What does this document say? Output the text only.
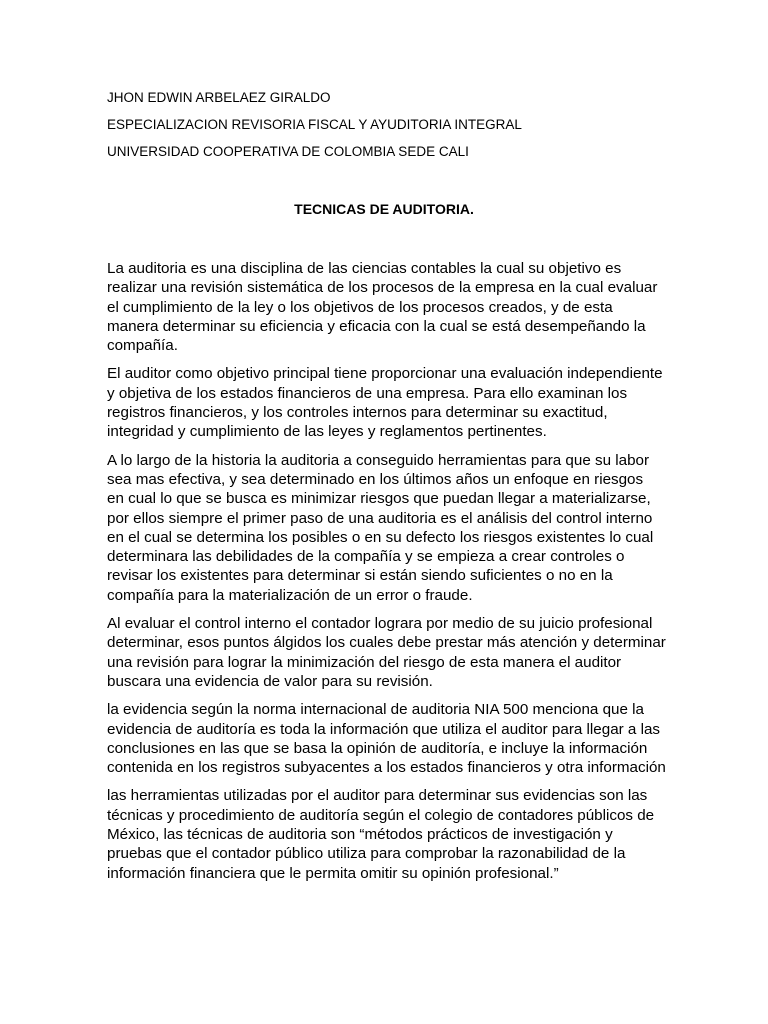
JHON EDWIN ARBELAEZ GIRALDO

ESPECIALIZACION REVISORIA FISCAL Y AYUDITORIA INTEGRAL

UNIVERSIDAD COOPERATIVA DE COLOMBIA SEDE CALI

TECNICAS DE AUDITORIA.

La auditoria es una disciplina de las ciencias contables la cual su objetivo es
realizar una revisión sistemática de los procesos de la empresa en la cual evaluar
el cumplimiento de la ley o los objetivos de los procesos creados, y de esta
manera determinar su eficiencia y eficacia con la cual se está desempeñando la
compañía.

El auditor como objetivo principal tiene proporcionar una evaluación independiente
y objetiva de los estados financieros de una empresa. Para ello examinan los
registros financieros, y los controles internos para determinar su exactitud,
integridad y cumplimiento de las leyes y reglamentos pertinentes.

A lo largo de la historia la auditoria a conseguido herramientas para que su labor
sea mas efectiva, y sea determinado en los últimos años un enfoque en riesgos
en cual lo que se busca es minimizar riesgos que puedan llegar a materializarse,
por ellos siempre el primer paso de una auditoria es el análisis del control interno
en el cual se determina los posibles o en su defecto los riesgos existentes lo cual
determinara las debilidades de la compañía y se empieza a crear controles o
revisar los existentes para determinar si están siendo suficientes o no en la
compañía para la materialización de un error o fraude.

Al evaluar el control interno el contador lograra por medio de su juicio profesional
determinar, esos puntos álgidos los cuales debe prestar más atención y determinar
una revisión para lograr la minimización del riesgo de esta manera el auditor
buscara una evidencia de valor para su revisión.

la evidencia según la norma internacional de auditoria NIA 500 menciona que la
evidencia de auditoría es toda la información que utiliza el auditor para llegar a las
conclusiones en las que se basa la opinión de auditoría, e incluye la información
contenida en los registros subyacentes a los estados financieros y otra información

las herramientas utilizadas por el auditor para determinar sus evidencias son las
técnicas y procedimiento de auditoría según el colegio de contadores públicos de
México, las técnicas de auditoria son “métodos prácticos de investigación y
pruebas que el contador público utiliza para comprobar la razonabilidad de la
información financiera que le permita omitir su opinión profesional.”
